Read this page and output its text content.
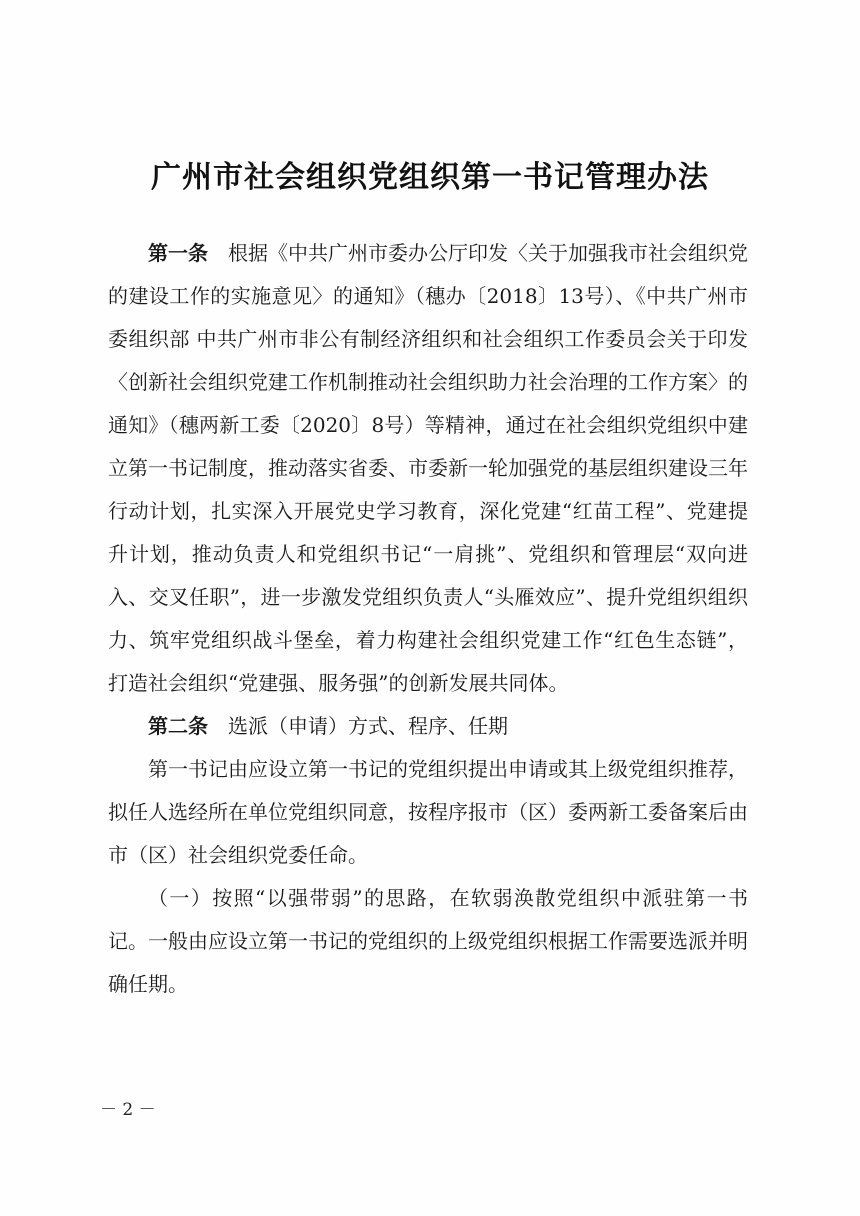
广州市社会组织党组织第一书记管理办法

第一条 根据《中共广州市委办公厅印发〈关于加强我市社会组织党的建设工作的实施意见〉的通知》（穗办〔2018〕13号）、《中共广州市委组织部 中共广州市非公有制经济组织和社会组织工作委员会关于印发〈创新社会组织党建工作机制推动社会组织助力社会治理的工作方案〉的通知》（穗两新工委〔2020〕8号）等精神，通过在社会组织党组织中建立第一书记制度，推动落实省委、市委新一轮加强党的基层组织建设三年行动计划，扎实深入开展党史学习教育，深化党建“红苗工程”、党建提升计划，推动负责人和党组织书记“一肩挑”、党组织和管理层“双向进入、交叉任职”，进一步激发党组织负责人“头雁效应”、提升党组织组织力、筑牢党组织战斗堡垒，着力构建社会组织党建工作“红色生态链”，打造社会组织“党建强、服务强”的创新发展共同体。

第二条 选派（申请）方式、程序、任期

第一书记由应设立第一书记的党组织提出申请或其上级党组织推荐，拟任人选经所在单位党组织同意，按程序报市（区）委两新工委备案后由市（区）社会组织党委任命。

（一）按照“以强带弱”的思路，在软弱涣散党组织中派驻第一书记。一般由应设立第一书记的党组织的上级党组织根据工作需要选派并明确任期。

－ 2 －
